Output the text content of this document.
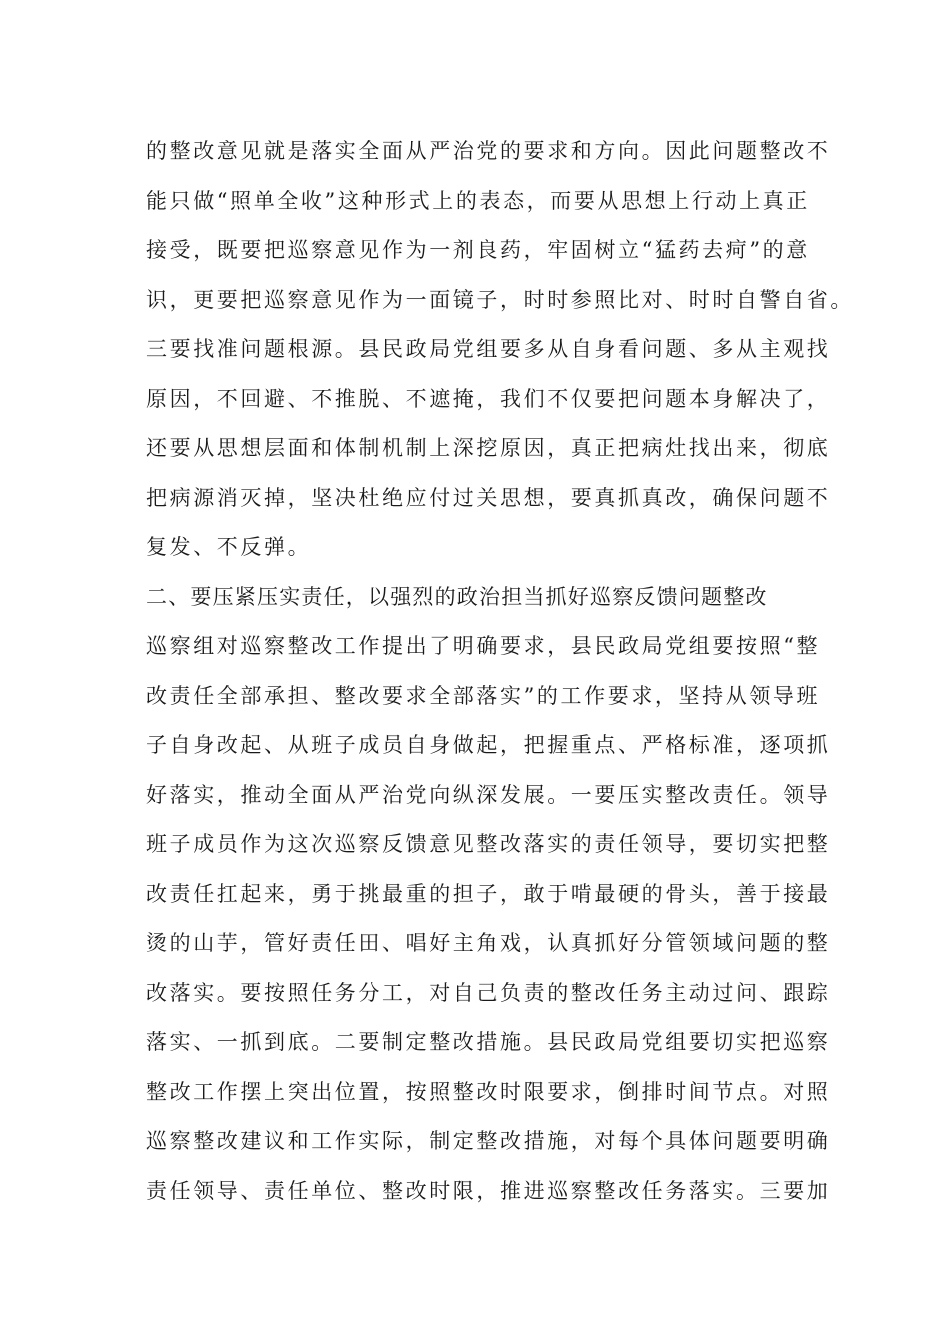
的整改意见就是落实全面从严治党的要求和方向。因此问题整改不
能只做“照单全收”这种形式上的表态，而要从思想上行动上真正
接受，既要把巡察意见作为一剂良药，牢固树立“猛药去疴”的意
识，更要把巡察意见作为一面镜子，时时参照比对、时时自警自省。
三要找准问题根源。县民政局党组要多从自身看问题、多从主观找
原因，不回避、不推脱、不遮掩，我们不仅要把问题本身解决了，
还要从思想层面和体制机制上深挖原因，真正把病灶找出来，彻底
把病源消灭掉，坚决杜绝应付过关思想，要真抓真改，确保问题不
复发、不反弹。
二、要压紧压实责任，以强烈的政治担当抓好巡察反馈问题整改
巡察组对巡察整改工作提出了明确要求，县民政局党组要按照“整
改责任全部承担、整改要求全部落实”的工作要求，坚持从领导班
子自身改起、从班子成员自身做起，把握重点、严格标准，逐项抓
好落实，推动全面从严治党向纵深发展。一要压实整改责任。领导
班子成员作为这次巡察反馈意见整改落实的责任领导，要切实把整
改责任扛起来，勇于挑最重的担子，敢于啃最硬的骨头，善于接最
烫的山芋，管好责任田、唱好主角戏，认真抓好分管领域问题的整
改落实。要按照任务分工，对自己负责的整改任务主动过问、跟踪
落实、一抓到底。二要制定整改措施。县民政局党组要切实把巡察
整改工作摆上突出位置，按照整改时限要求，倒排时间节点。对照
巡察整改建议和工作实际，制定整改措施，对每个具体问题要明确
责任领导、责任单位、整改时限，推进巡察整改任务落实。三要加
